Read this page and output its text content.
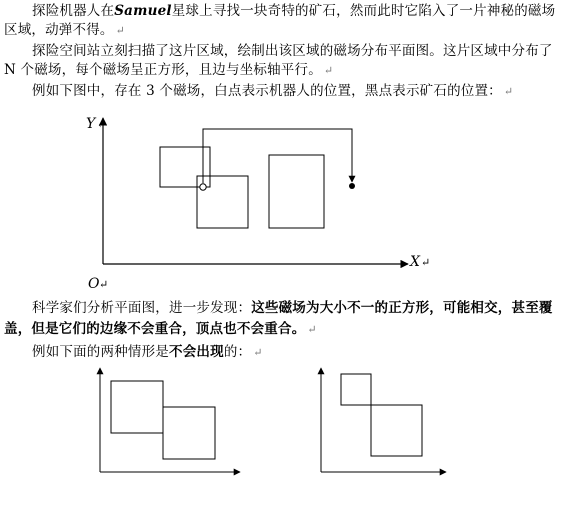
探险机器人在Samuel星球上寻找一块奇特的矿石，然而此时它陷入了一片神秘的磁场区域，动弹不得。 ↵
探险空间站立刻扫描了这片区域，绘制出该区域的磁场分布平面图。这片区域中分布了 N 个磁场，每个磁场呈正方形，且边与坐标轴平行。 ↵
例如下图中，存在 3 个磁场，白点表示机器人的位置，黑点表示矿石的位置： ↵
Y ↵
X ↵
O ↵
科学家们分析平面图，进一步发现：这些磁场为大小不一的正方形，可能相交，甚至覆盖，但是它们的边缘不会重合，顶点也不会重合。 ↵
例如下面的两种情形是不会出现的： ↵
